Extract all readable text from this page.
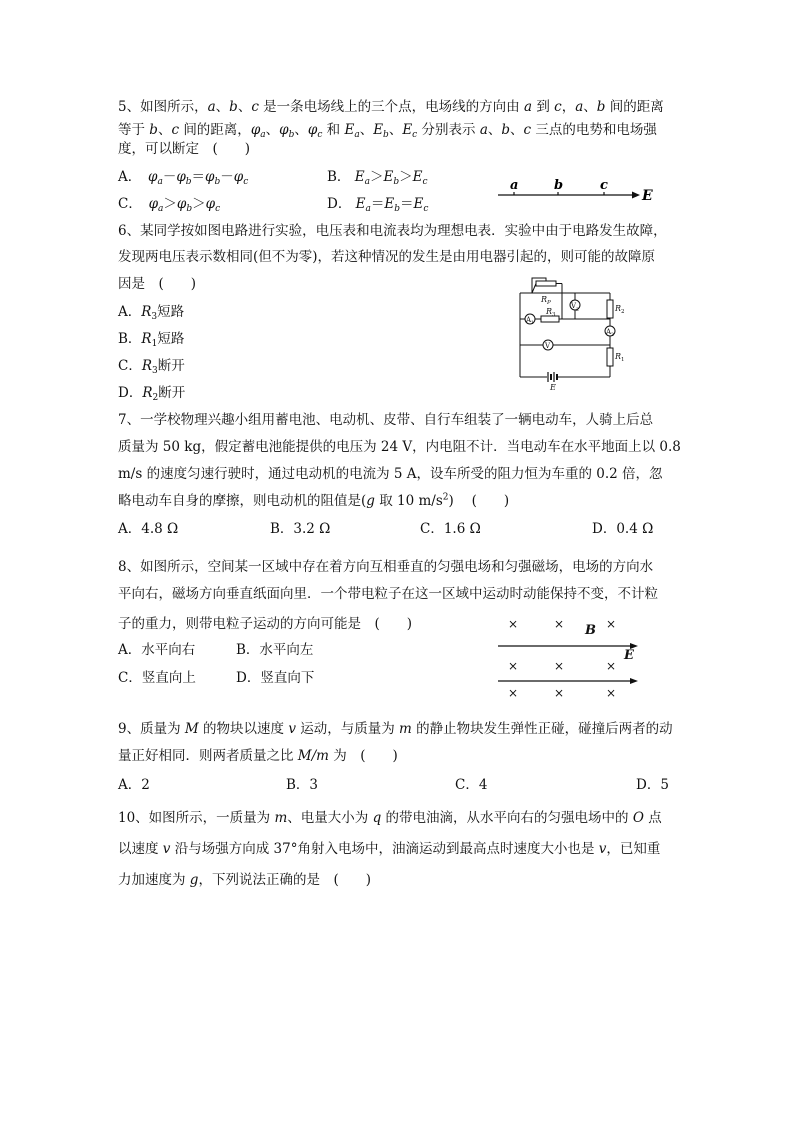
5、如图所示，a、b、c 是一条电场线上的三个点，电场线的方向由 a 到 c，a、b 间的距离
等于 b、c 间的距离，$\varphi_a$、$\varphi_b$、$\varphi_c$ 和 $E_a$、$E_b$、$E_c$ 分别表示 a、b、c 三点的电势和电场强
度，可以断定　(　　)
A．　 $\varphi_a-\varphi_b=\varphi_b-\varphi_c$	B． $E_a>E_b>E_c$
C．　 $\varphi_a>\varphi_b>\varphi_c$	D． $E_a=E_b=E_c$
a	b	c
E
6、某同学按如图电路进行实验，电压表和电流表均为理想电表．实验中由于电路发生故障，
发现两电压表示数相同(但不为零)，若这种情况的发生是由用电器引起的，则可能的故障原
因是　(　　)
A．$R_3$短路
B．$R_1$短路
C．$R_3$断开
D．$R_2$断开
R P
R 3
R 2
R 1
V
2
A 1
A 2
V
E
7、一学校物理兴趣小组用蓄电池、电动机、皮带、自行车组装了一辆电动车，人骑上后总
质量为 50 kg，假定蓄电池能提供的电压为 24 V，内电阻不计．当电动车在水平地面上以 0.8
m/s 的速度匀速行驶时，通过电动机的电流为 5 A，设车所受的阻力恒为车重的 0.2 倍，忽
略电动车自身的摩擦，则电动机的阻值是(g 取 10 $m/s^2$)　 (　　)
A．4.8 Ω	B．3.2 Ω	C．1.6 Ω	D．0.4 Ω
8、如图所示，空间某一区域中存在着方向互相垂直的匀强电场和匀强磁场，电场的方向水
平向右，磁场方向垂直纸面向里．一个带电粒子在这一区域中运动时动能保持不变，不计粒
子的重力，则带电粒子运动的方向可能是　(　　)
A．水平向右	B．水平向左
C．竖直向上	D．竖直向下
×	×	×
×	×	×
×	×	×
B
E
9、质量为 M 的物块以速度 v 运动，与质量为 m 的静止物块发生弹性正碰，碰撞后两者的动
量正好相同．则两者质量之比 M/m 为　(　　)
A．2	B．3	C．4	D．5
10、如图所示，一质量为 m、电量大小为 q 的带电油滴，从水平向右的匀强电场中的 O 点
以速度 v 沿与场强方向成 37°角射入电场中，油滴运动到最高点时速度大小也是 v，已知重
力加速度为 g，下列说法正确的是　(　　)
